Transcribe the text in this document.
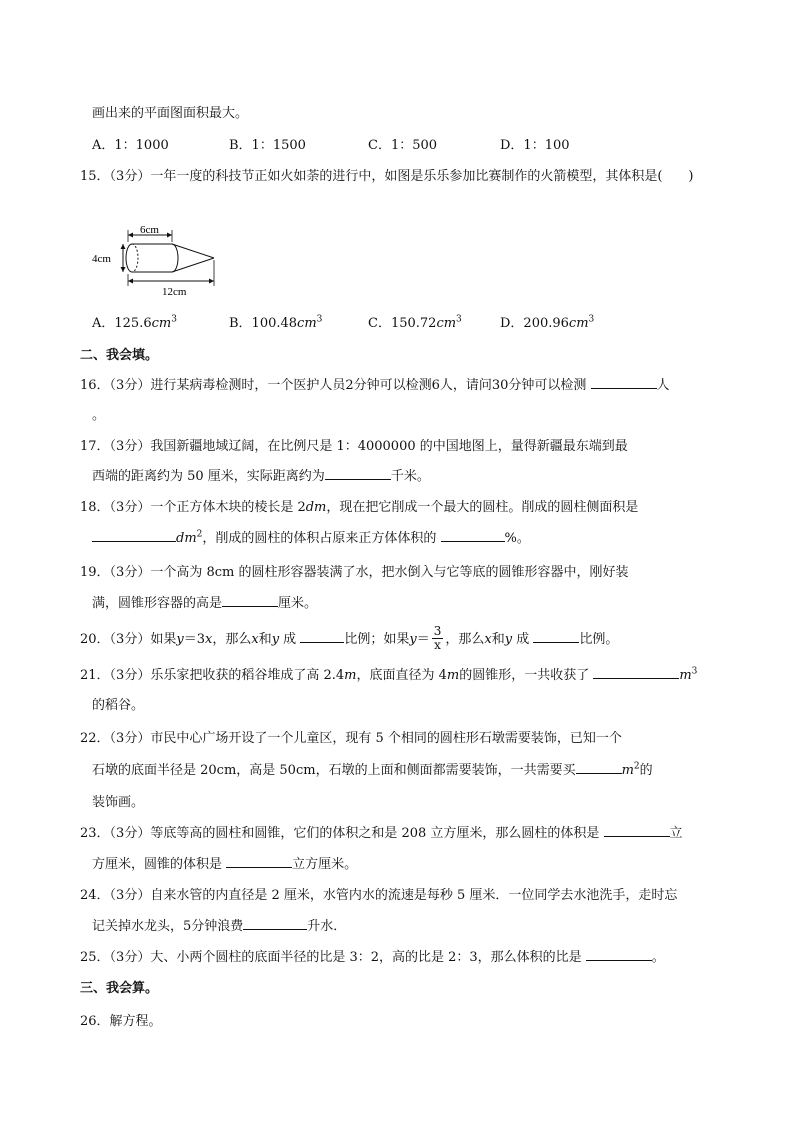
画出来的平面图面积最大。
A．1：1000	B．1：1500	C．1：500	D．1：100
15．（3分）一年一度的科技节正如火如荼的进行中，如图是乐乐参加比赛制作的火箭模型，其体积是(　　)
6cm
4cm
12cm
A．$125.6cm^3$	B．$100.48cm^3$	C．$150.72cm^3$	D．$200.96cm^3$
二、我会填。
16．（3分）进行某病毒检测时，一个医护人员2分钟可以检测6人，请问30分钟可以检测	人
。
17．（3分）我国新疆地域辽阔，在比例尺是 1：4000000 的中国地图上，量得新疆最东端到最
西端的距离约为 50 厘米，实际距离约为	千米。
18．（3分）一个正方体木块的棱长是 2dm，现在把它削成一个最大的圆柱。削成的圆柱侧面积是
$dm^2$，削成的圆柱的体积占原来正方体体积的	%。
19．（3分）一个高为 8cm 的圆柱形容器装满了水，把水倒入与它等底的圆锥形容器中，刚好装
满，圆锥形容器的高是	厘米。
20．（3分）如果y＝3x，那么x和y 成	比例；如果$y= \frac{3}{x}$ ，那么x和y 成	比例。
21．（3分）乐乐家把收获的稻谷堆成了高 2.4m，底面直径为 4m的圆锥形，一共收获了	$m^3$
的稻谷。
22．（3分）市民中心广场开设了一个儿童区，现有 5 个相同的圆柱形石墩需要装饰，已知一个
石墩的底面半径是 20cm，高是 50cm，石墩的上面和侧面都需要装饰，一共需要买	$m^2$的
装饰画。
23．（3分）等底等高的圆柱和圆锥，它们的体积之和是 208 立方厘米，那么圆柱的体积是	立
方厘米，圆锥的体积是	立方厘米。
24．（3分）自来水管的内直径是 2 厘米，水管内水的流速是每秒 5 厘米．一位同学去水池洗手，走时忘
记关掉水龙头，5分钟浪费	升水．
25．（3分）大、小两个圆柱的底面半径的比是 3：2，高的比是 2：3，那么体积的比是	。
三、我会算。
26．解方程。
